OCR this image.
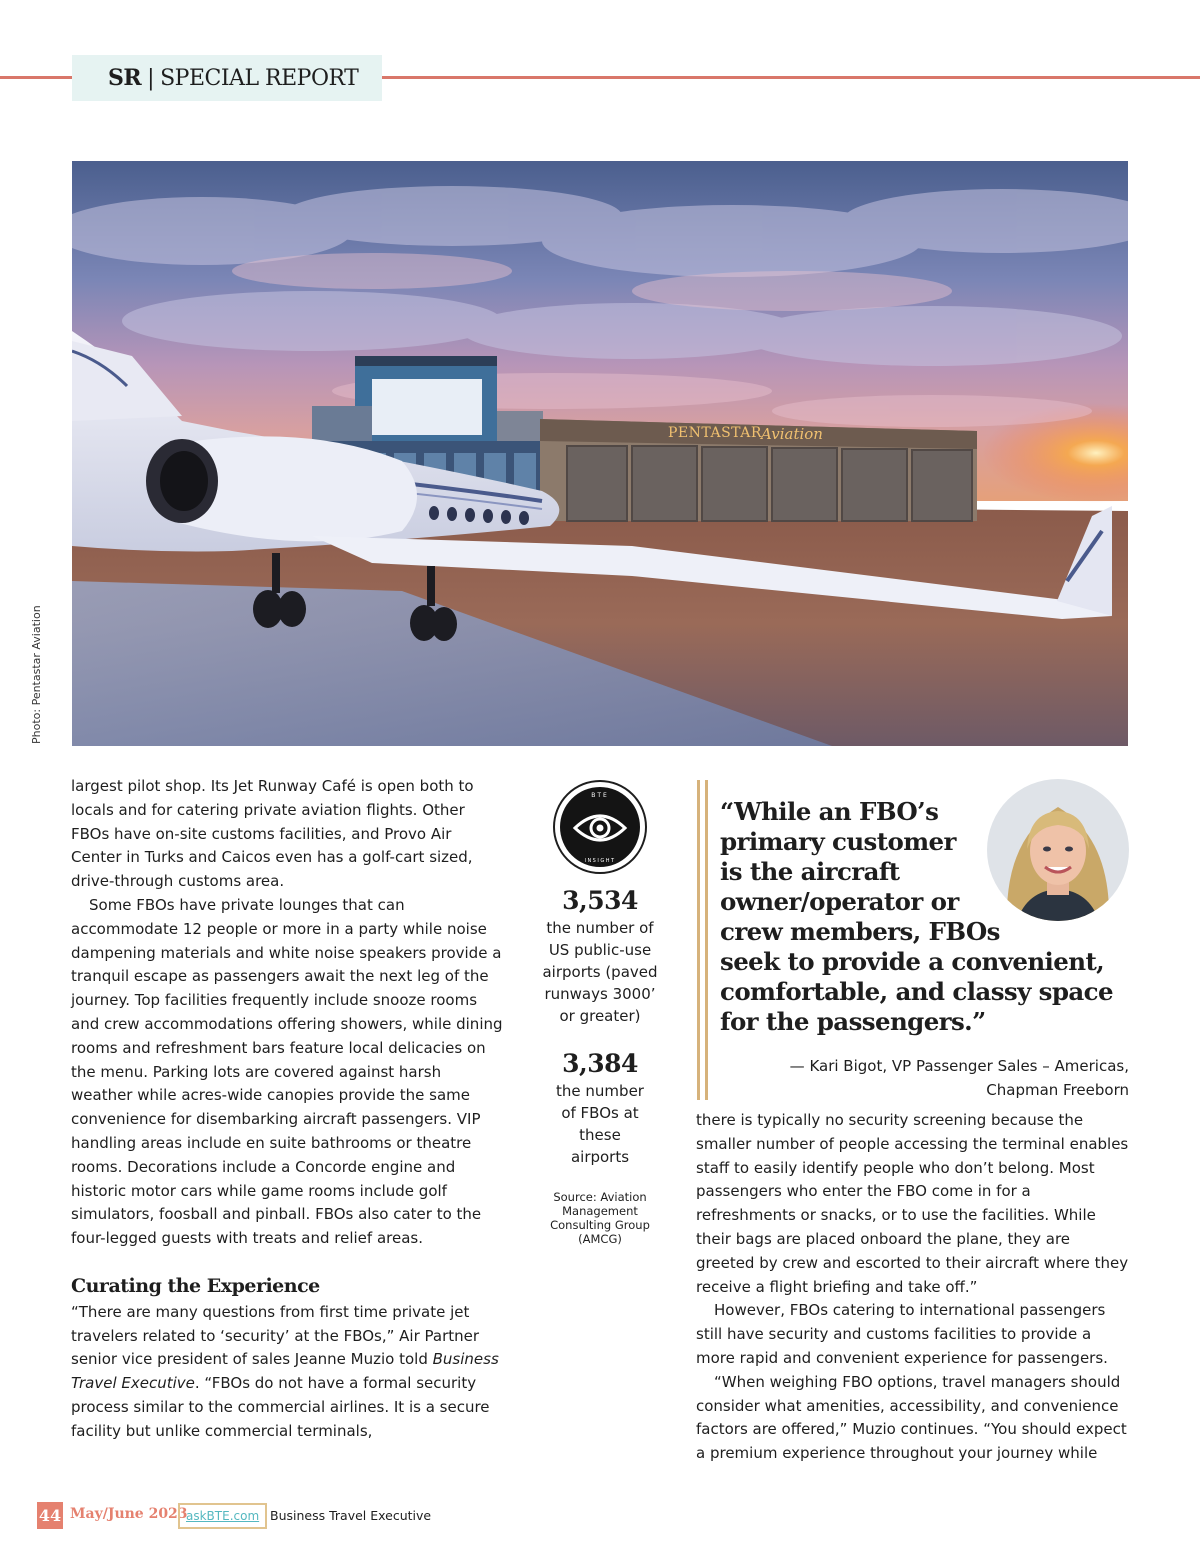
SR | SPECIAL REPORT
PENTASTAR Aviation
Photo: Pentastar Aviation

largest pilot shop. Its Jet Runway Café is open both to
locals and for catering private aviation flights. Other
FBOs have on-site customs facilities, and Provo Air
Center in Turks and Caicos even has a golf-cart sized,
drive-through customs area.

Some FBOs have private lounges that can accommodate 12 people or more in a party while noise dampening materials and white noise speakers provide a tranquil escape as passengers await the next leg of the journey. Top facilities frequently include snooze rooms and crew accommodations offering showers, while dining rooms and refreshment bars feature local delicacies on the menu. Parking lots are covered against harsh weather while acres-wide canopies provide the same convenience for disembarking aircraft passengers. VIP handling areas include en suite bathrooms or theatre rooms. Decorations include a Concorde engine and historic motor cars while game rooms include golf simulators, foosball and pinball. FBOs also cater to the four-legged guests with treats and relief areas.

Curating the Experience

“There are many questions from first time private jet travelers related to ‘security’ at the FBOs,” Air Partner senior vice president of sales Jeanne Muzio told Business Travel Executive. “FBOs do not have a formal security process similar to the commercial airlines. It is a secure facility but unlike commercial terminals,

BTE
INSIGHT
3,534
the number of US public-use airports (paved runways 3000’ or greater)
3,384
the number of FBOs at these airports
Source: Aviation Management Consulting Group (AMCG)
“While an FBO’s
primary customer
is the aircraft
owner/operator or
crew members, FBOs
seek to provide a convenient,
comfortable, and classy space
for the passengers.”
— Kari Bigot, VP Passenger Sales – Americas,
Chapman Freeborn

there is typically no security screening because the smaller number of people accessing the terminal enables staff to easily identify people who don’t belong. Most passengers who enter the FBO come in for a refreshments or snacks, or to use the facilities. While their bags are placed onboard the plane, they are greeted by crew and escorted to their aircraft where they receive a flight briefing and take off.”

However, FBOs catering to international passengers still have security and customs facilities to provide a more rapid and convenient experience for passengers.

“When weighing FBO options, travel managers should consider what amenities, accessibility, and convenience factors are offered,” Muzio continues. “You should expect a premium experience throughout your journey while

44 May/June 2023
askBTE.com Business Travel Executive
